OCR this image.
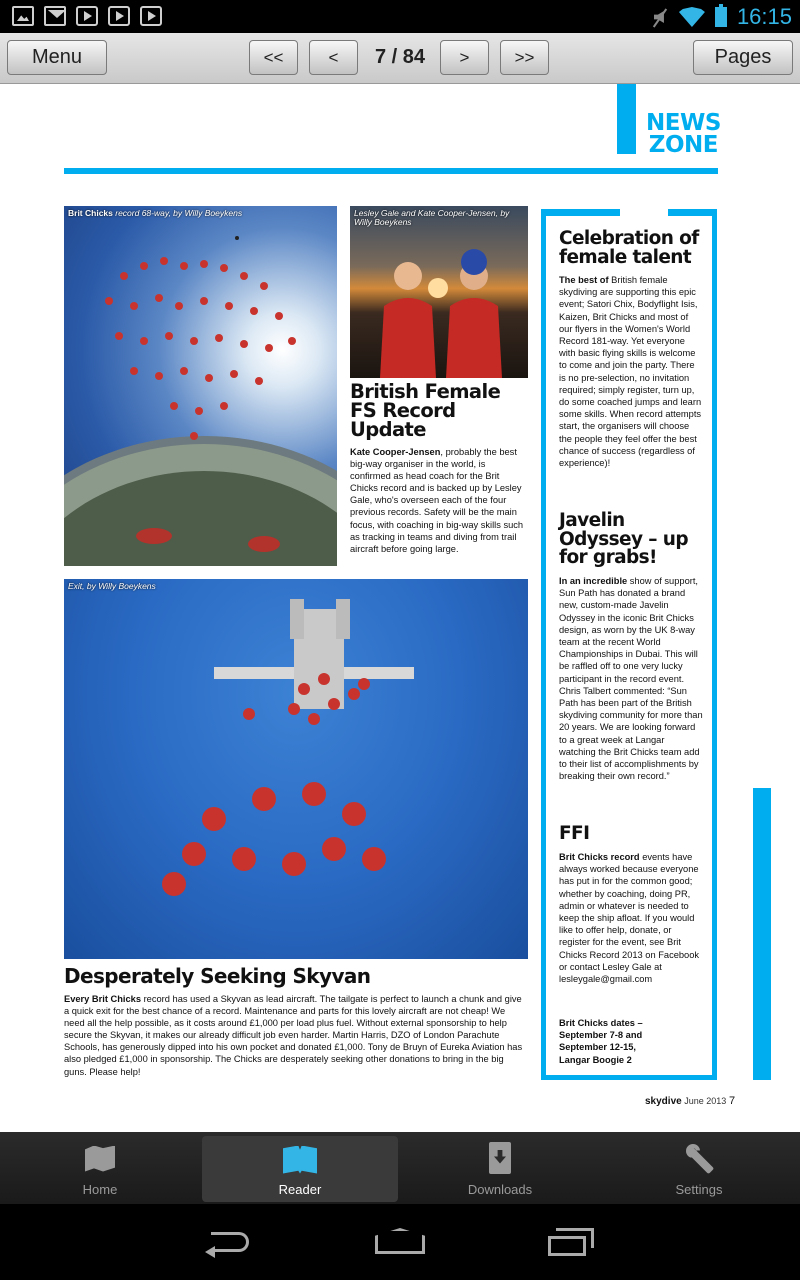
16:15
Menu	<<	<	7 / 84	>	>>	Pages
NEWS
ZONE
Brit Chicks record 68-way, by Willy Boeykens	Lesley Gale and Kate Cooper-Jensen, by Willy Boeykens
British Female FS Record Update
Kate Cooper-Jensen, probably the best big-way organiser in the world, is confirmed as head coach for the Brit Chicks record and is backed up by Lesley Gale, who's overseen each of the four previous records. Safety will be the main focus, with coaching in big-way skills such as tracking in teams and diving from trail aircraft before going large.
Exit, by Willy Boeykens
Desperately Seeking Skyvan
Every Brit Chicks record has used a Skyvan as lead aircraft. The tailgate is perfect to launch a chunk and give a quick exit for the best chance of a record. Maintenance and parts for this lovely aircraft are not cheap! We need all the help possible, as it costs around £1,000 per load plus fuel. Without external sponsorship to help secure the Skyvan, it makes our already difficult job even harder. Martin Harris, DZO of London Parachute Schools, has generously dipped into his own pocket and donated £1,000. Tony de Bruyn of Eureka Aviation has also pledged £1,000 in sponsorship. The Chicks are desperately seeking other donations to bring in the big guns. Please help!
Celebration of female talent
The best of British female skydiving are supporting this epic event; Satori Chix, Bodyflight Isis, Kaizen, Brit Chicks and most of our flyers in the Women's World Record 181-way. Yet everyone with basic flying skills is welcome to come and join the party. There is no pre-selection, no invitation required; simply register, turn up, do some coached jumps and learn some skills. When record attempts start, the organisers will choose the people they feel offer the best chance of success (regardless of experience)!
Javelin Odyssey – up for grabs!
In an incredible show of support, Sun Path has donated a brand new, custom-made Javelin Odyssey in the iconic Brit Chicks design, as worn by the UK 8-way team at the recent World Championships in Dubai. This will be raffled off to one very lucky participant in the record event. Chris Talbert commented: “Sun Path has been part of the British skydiving community for more than 20 years. We are looking forward to a great week at Langar watching the Brit Chicks team add to their list of accomplishments by breaking their own record.”
FFI
Brit Chicks record events have always worked because everyone has put in for the common good; whether by coaching, doing PR, admin or whatever is needed to keep the ship afloat. If you would like to offer help, donate, or register for the event, see Brit Chicks Record 2013 on Facebook or contact Lesley Gale at lesleygale@gmail.com
Brit Chicks dates – September 7-8 and September 12-15, Langar Boogie 2
skydive June 2013 7
Home	Reader	Downloads	Settings
